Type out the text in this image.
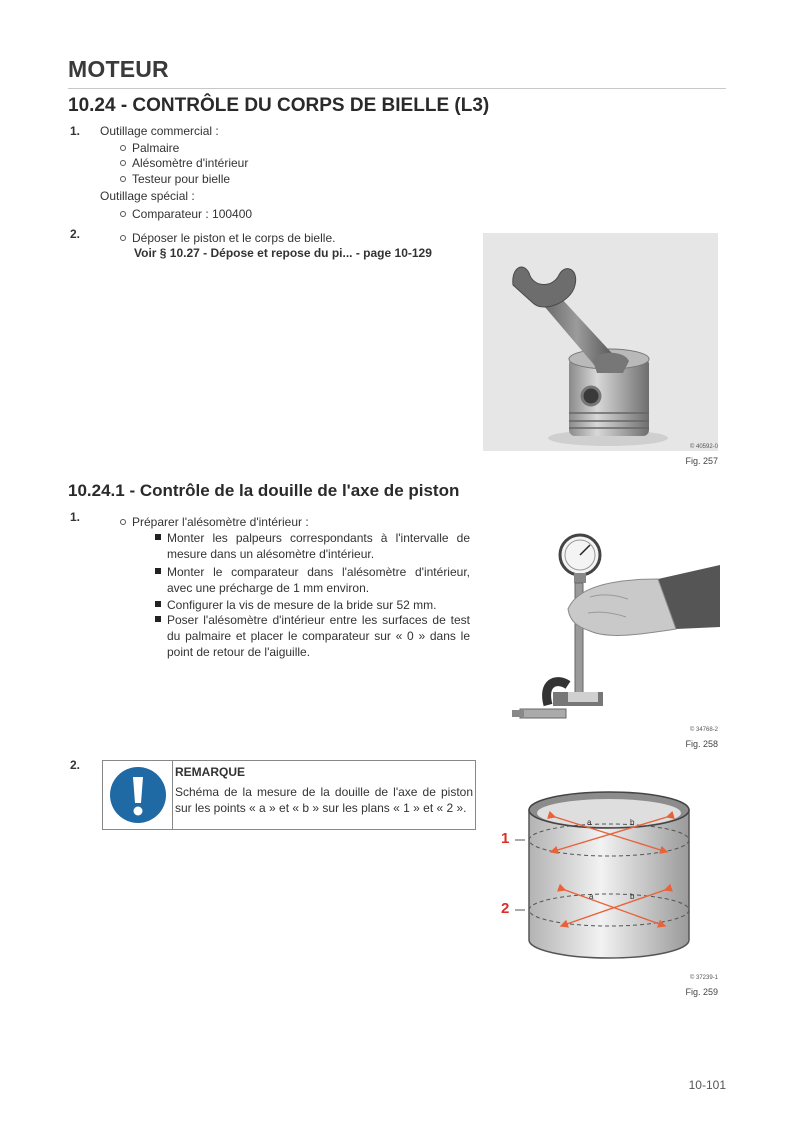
MOTEUR
10.24 - CONTRÔLE DU CORPS DE BIELLE (L3)
1. Outillage commercial :
Palmaire
Alésomètre d'intérieur
Testeur pour bielle
Outillage spécial :
Comparateur : 100400
2.	Déposer le piston et le corps de bielle.
Voir § 10.27 - Dépose et repose du pi... - page 10-129
© 40592-0
Fig. 257
10.24.1 - Contrôle de la douille de l'axe de piston
1.	Préparer l'alésomètre d'intérieur :
Monter les palpeurs correspondants à l'intervalle de mesure dans un alésomètre d'intérieur.
Monter le comparateur dans l'alésomètre d'intérieur, avec une précharge de 1 mm environ.
Configurer la vis de mesure de la bride sur 52 mm.
Poser l'alésomètre d'intérieur entre les surfaces de test du palmaire et placer le comparateur sur « 0 » dans le point de retour de l'aiguille.
© 34768-2
Fig. 258
2.	REMARQUE
Schéma de la mesure de la douille de l'axe de piston sur les points « a » et « b » sur les plans « 1 » et « 2 ».
1
2
a	b
a	b
© 37239-1
Fig. 259
10-101
